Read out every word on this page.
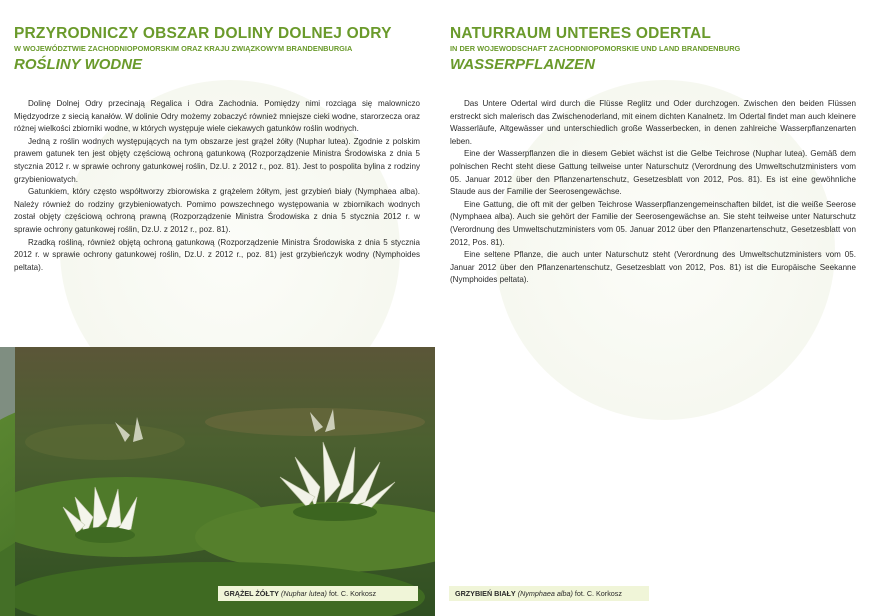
PRZYRODNICZY OBSZAR DOLINY DOLNEJ ODRY
W WOJEWÓDZTWIE ZACHODNIOPOMORSKIM ORAZ KRAJU ZWIĄZKOWYM BRANDENBURGIA
ROŚLINY WODNE

Dolinę Dolnej Odry przecinają Regalica i Odra Zachodnia. Pomiędzy nimi rozciąga się malowniczo Międzyodrze z siecią kanałów. W dolinie Odry możemy zobaczyć również mniejsze cieki wodne, starorzecza oraz różnej wielkości zbiorniki wodne, w których występuje wiele ciekawych gatunków roślin wodnych.

Jedną z roślin wodnych występujących na tym obszarze jest grążel żółty (Nuphar lutea). Zgodnie z polskim prawem gatunek ten jest objęty częściową ochroną gatunkową (Rozporządzenie Ministra Środowiska z dnia 5 stycznia 2012 r. w sprawie ochrony gatunkowej roślin, Dz.U. z 2012 r., poz. 81). Jest to pospolita bylina z rodziny grzybieniowatych.

Gatunkiem, który często współtworzy zbiorowiska z grążelem żółtym, jest grzybień biały (Nymphaea alba). Należy również do rodziny grzybieniowatych. Pomimo powszechnego występowania w zbiornikach wodnych został objęty częściową ochroną prawną (Rozporządzenie Ministra Środowiska z dnia 5 stycznia 2012 r. w sprawie ochrony gatunkowej roślin, Dz.U. z 2012 r., poz. 81).

Rzadką rośliną, również objętą ochroną gatunkową (Rozporządzenie Ministra Środowiska z dnia 5 stycznia 2012 r. w sprawie ochrony gatunkowej roślin, Dz.U. z 2012 r., poz. 81) jest grzybieńczyk wodny (Nymphoides peltata).

NATURRAUM UNTERES ODERTAL
IN DER WOJEWODSCHAFT ZACHODNIOPOMORSKIE UND LAND BRANDENBURG
WASSERPFLANZEN

Das Untere Odertal wird durch die Flüsse Reglitz und Oder durchzogen. Zwischen den beiden Flüssen erstreckt sich malerisch das Zwischenoderland, mit einem dichten Kanalnetz. Im Odertal findet man auch kleinere Wasserläufe, Altgewässer und unterschiedlich große Wasserbecken, in denen zahlreiche Wasserpflanzenarten leben.

Eine der Wasserpflanzen die in diesem Gebiet wächst ist die Gelbe Teichrose (Nuphar lutea). Gemäß dem polnischen Recht steht diese Gattung teilweise unter Naturschutz (Verordnung des Umweltschutzministers vom 05. Januar 2012 über den Pflanzenartenschutz, Gesetzesblatt von 2012, Pos. 81). Es ist eine gewöhnliche Staude aus der Familie der Seerosengewächse.

Eine Gattung, die oft mit der gelben Teichrose Wasserpflanzengemeinschaften bildet, ist die weiße Seerose (Nymphaea alba). Auch sie gehört der Familie der Seerosengewächse an. Sie steht teilweise unter Naturschutz (Verordnung des Umweltschutzministers vom 05. Januar 2012 über den Pflanzenartenschutz, Gesetzesblatt von 2012, Pos. 81).

Eine seltene Pflanze, die auch unter Naturschutz steht (Verordnung des Umweltschutzministers vom 05. Januar 2012 über den Pflanzenartenschutz, Gesetzesblatt von 2012, Pos. 81) ist die Europäische Seekanne (Nymphoides peltata).

GRĄŻEL ŻÓŁTY (Nuphar lutea) fot. C. Korkosz	GRZYBIEŃ BIAŁY (Nymphaea alba) fot. C. Korkosz
